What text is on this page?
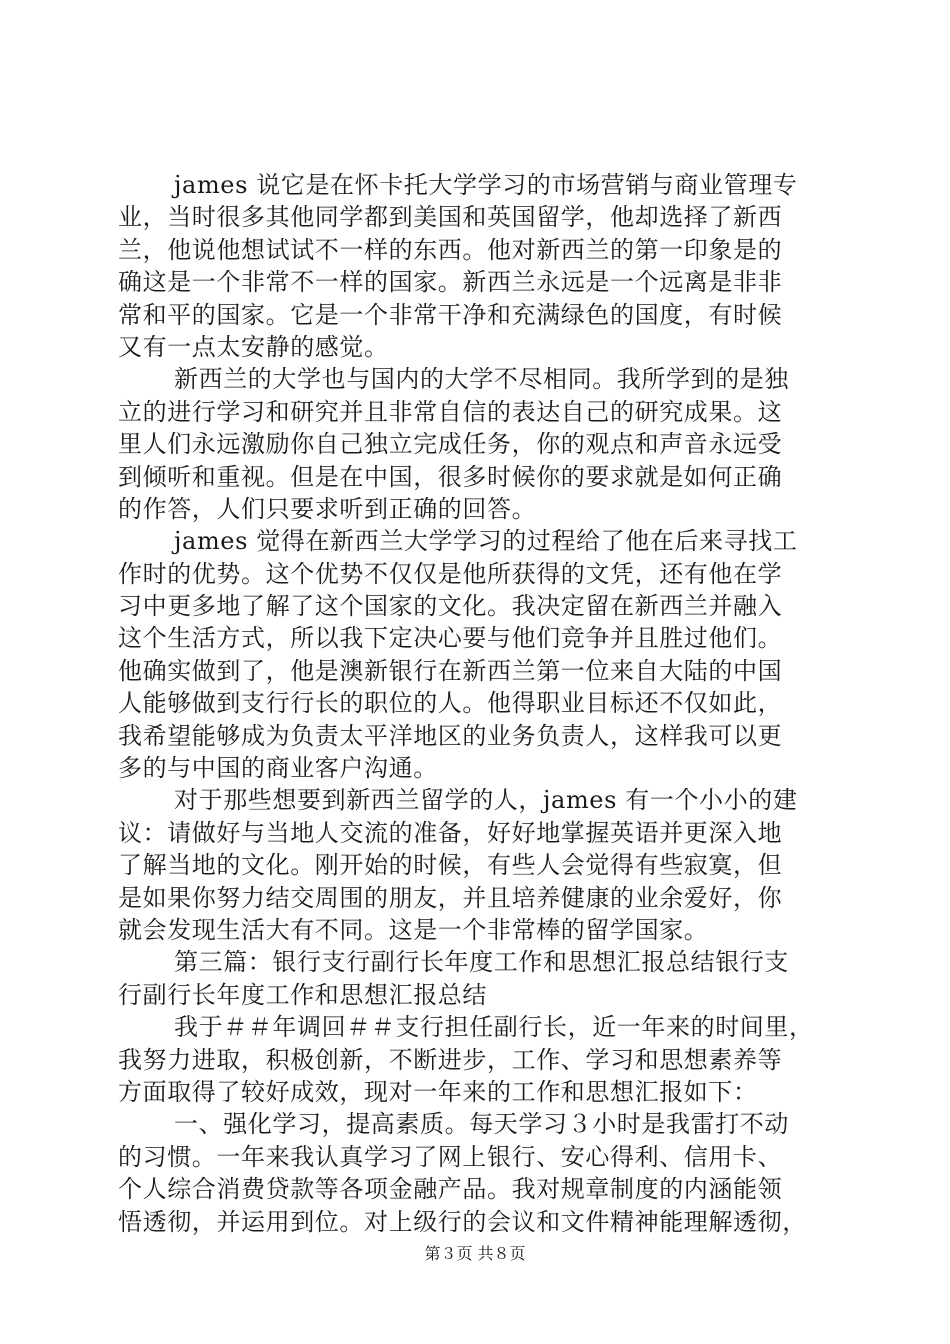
james 说它是在怀卡托大学学习的市场营销与商业管理专
业，当时很多其他同学都到美国和英国留学，他却选择了新西
兰，他说他想试试不一样的东西。他对新西兰的第一印象是的
确这是一个非常不一样的国家。新西兰永远是一个远离是非非
常和平的国家。它是一个非常干净和充满绿色的国度，有时候
又有一点太安静的感觉。
新西兰的大学也与国内的大学不尽相同。我所学到的是独
立的进行学习和研究并且非常自信的表达自己的研究成果。这
里人们永远激励你自己独立完成任务，你的观点和声音永远受
到倾听和重视。但是在中国，很多时候你的要求就是如何正确
的作答，人们只要求听到正确的回答。
james 觉得在新西兰大学学习的过程给了他在后来寻找工
作时的优势。这个优势不仅仅是他所获得的文凭，还有他在学
习中更多地了解了这个国家的文化。我决定留在新西兰并融入
这个生活方式，所以我下定决心要与他们竞争并且胜过他们。
他确实做到了，他是澳新银行在新西兰第一位来自大陆的中国
人能够做到支行行长的职位的人。他得职业目标还不仅如此，
我希望能够成为负责太平洋地区的业务负责人，这样我可以更
多的与中国的商业客户沟通。
对于那些想要到新西兰留学的人，james 有一个小小的建
议：请做好与当地人交流的准备，好好地掌握英语并更深入地
了解当地的文化。刚开始的时候，有些人会觉得有些寂寞，但
是如果你努力结交周围的朋友，并且培养健康的业余爱好，你
就会发现生活大有不同。这是一个非常棒的留学国家。
第三篇：银行支行副行长年度工作和思想汇报总结银行支
行副行长年度工作和思想汇报总结
我于＃＃年调回＃＃支行担任副行长，近一年来的时间里，
我努力进取，积极创新，不断进步，工作、学习和思想素养等
方面取得了较好成效，现对一年来的工作和思想汇报如下：
一、强化学习，提高素质。每天学习３小时是我雷打不动
的习惯。一年来我认真学习了网上银行、安心得利、信用卡、
个人综合消费贷款等各项金融产品。我对规章制度的内涵能领
悟透彻，并运用到位。对上级行的会议和文件精神能理解透彻，
第３页 共８页
